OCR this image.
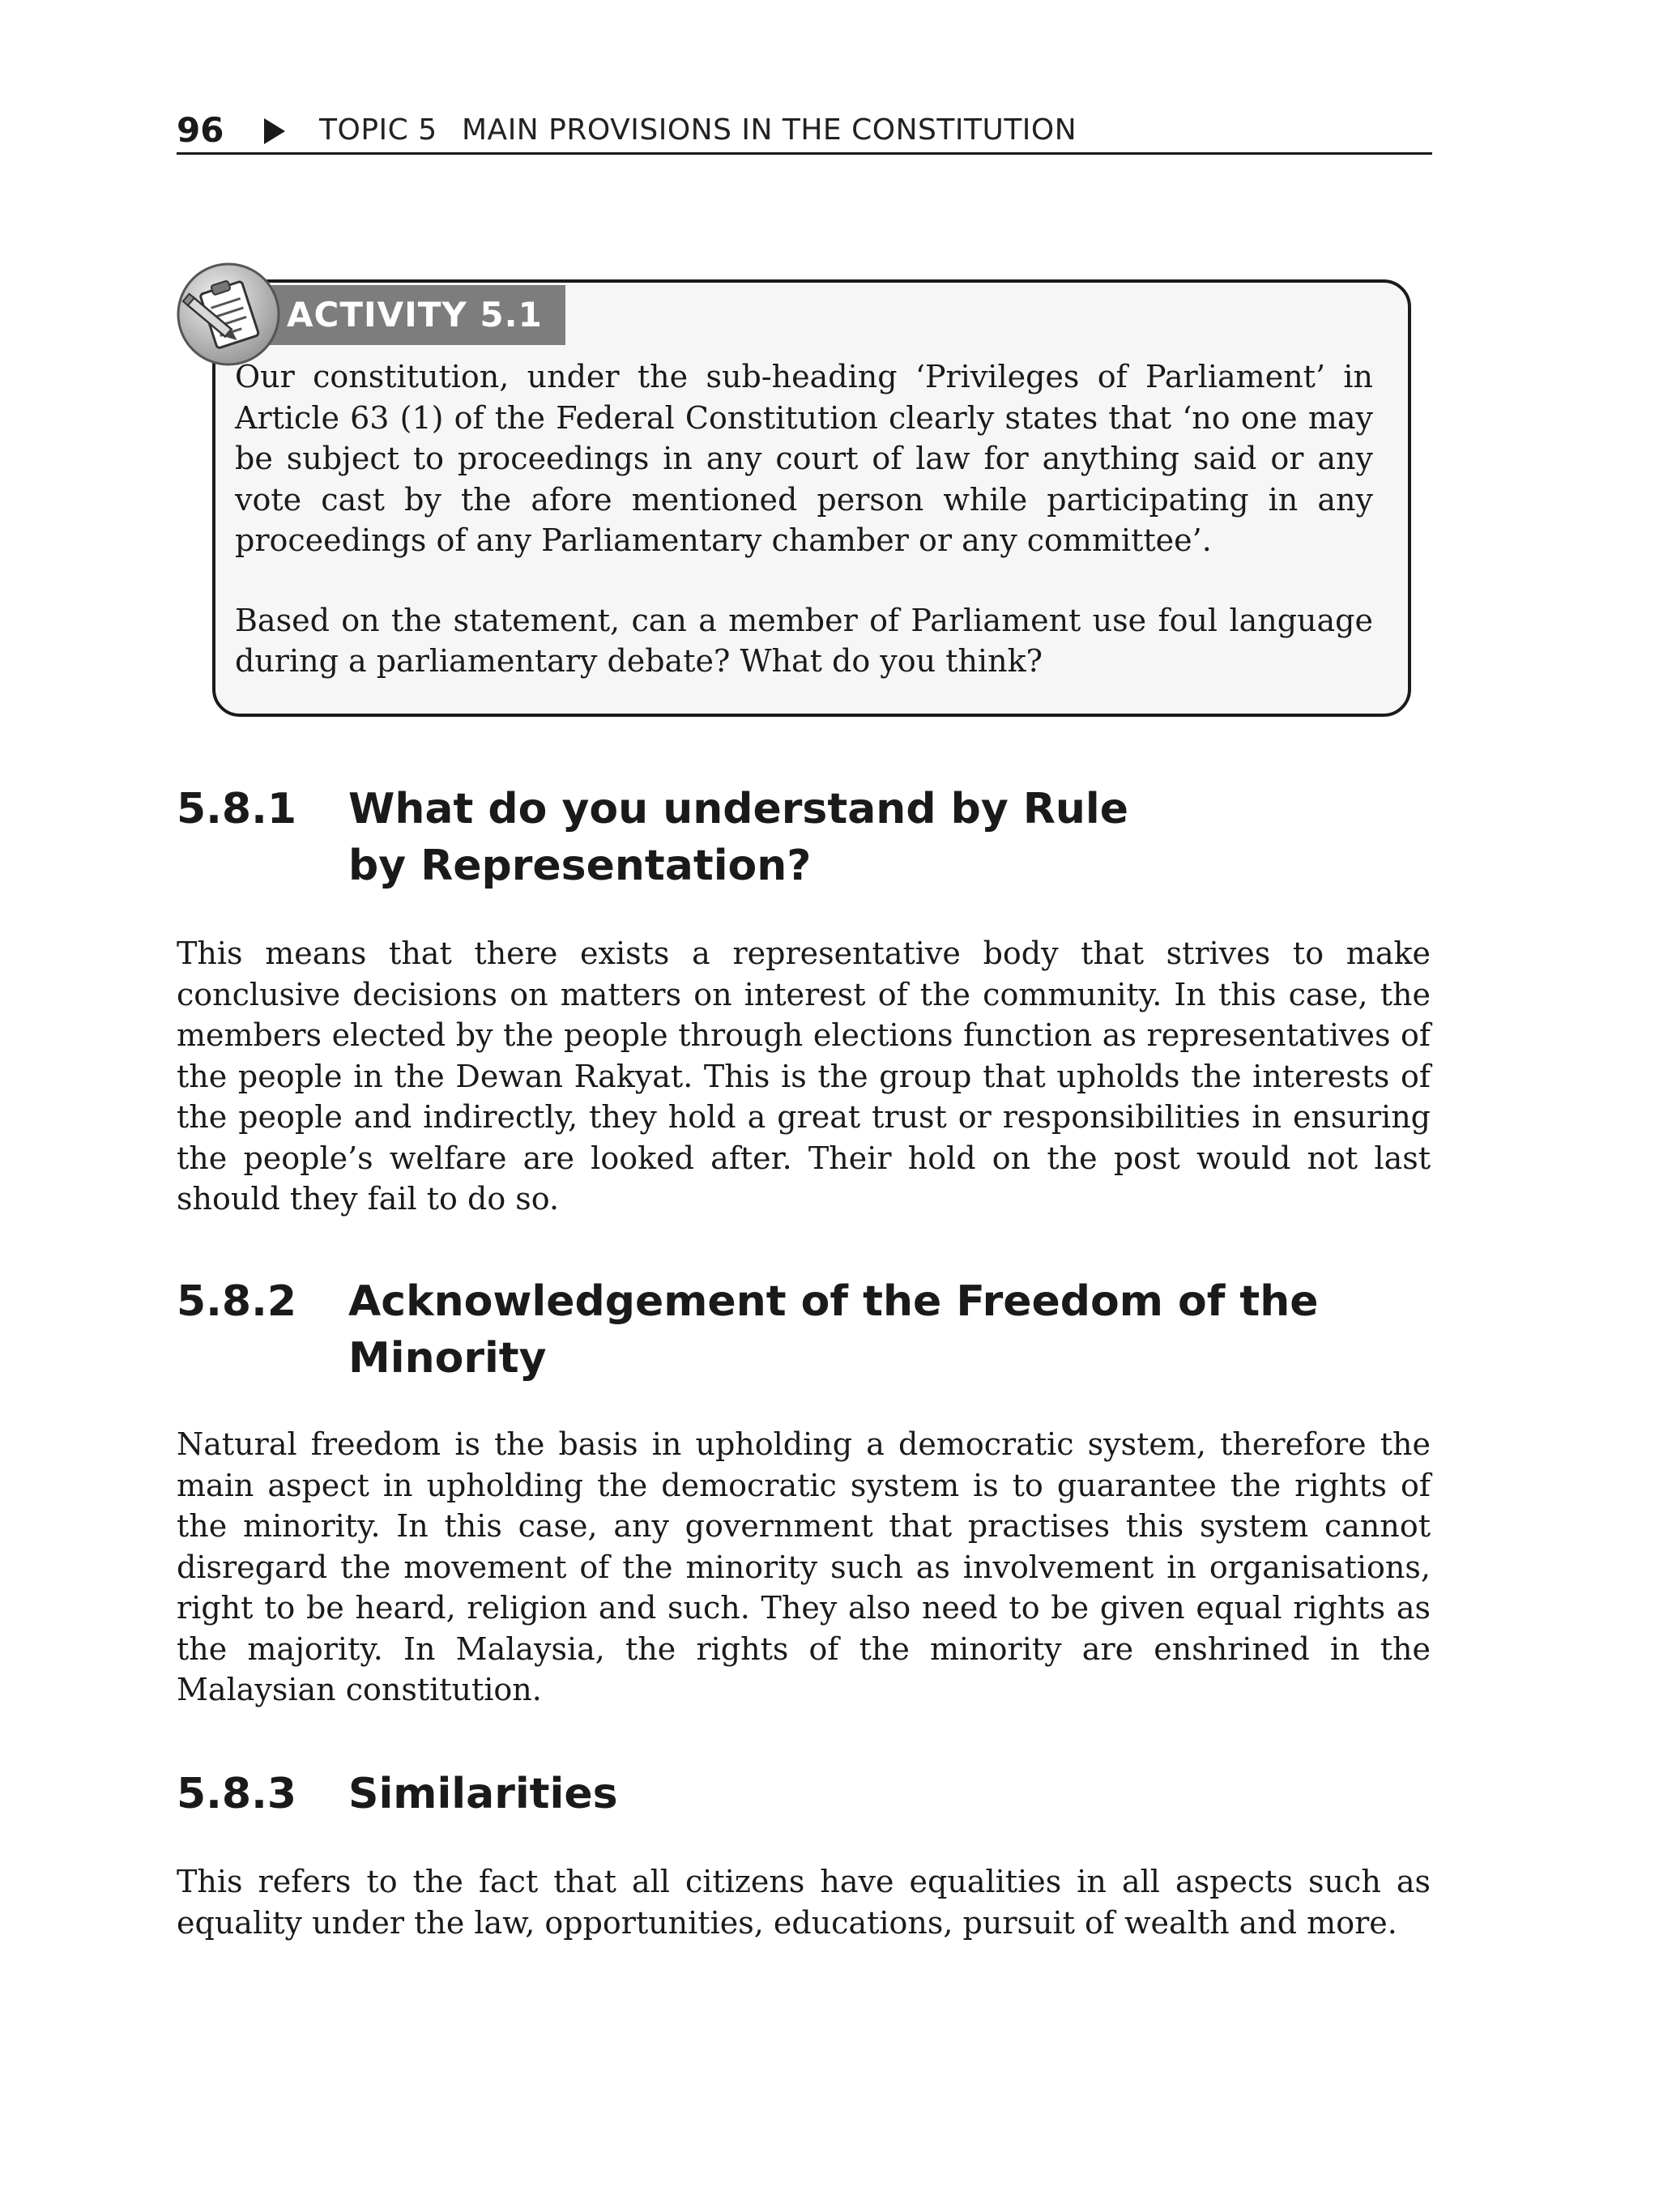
96	TOPIC 5 MAIN PROVISIONS IN THE CONSTITUTION
ACTIVITY 5.1

Our constitution, under the sub-heading ‘Privileges of Parliament’ in Article 63 (1) of the Federal Constitution clearly states that ‘no one may be subject to proceedings in any court of law for anything said or any vote cast by the afore mentioned person while participating in any proceedings of any Parliamentary chamber or any committee’.

Based on the statement, can a member of Parliament use foul language during a parliamentary debate? What do you think?

5.8.1 What do you understand by Rule by Representation?

This means that there exists a representative body that strives to make conclusive decisions on matters on interest of the community. In this case, the members elected by the people through elections function as representatives of the people in the Dewan Rakyat. This is the group that upholds the interests of the people and indirectly, they hold a great trust or responsibilities in ensuring the people’s welfare are looked after. Their hold on the post would not last should they fail to do so.

5.8.2 Acknowledgement of the Freedom of the Minority

Natural freedom is the basis in upholding a democratic system, therefore the main aspect in upholding the democratic system is to guarantee the rights of the minority. In this case, any government that practises this system cannot disregard the movement of the minority such as involvement in organisations, right to be heard, religion and such. They also need to be given equal rights as the majority. In Malaysia, the rights of the minority are enshrined in the Malaysian constitution.

5.8.3 Similarities

This refers to the fact that all citizens have equalities in all aspects such as equality under the law, opportunities, educations, pursuit of wealth and more.
